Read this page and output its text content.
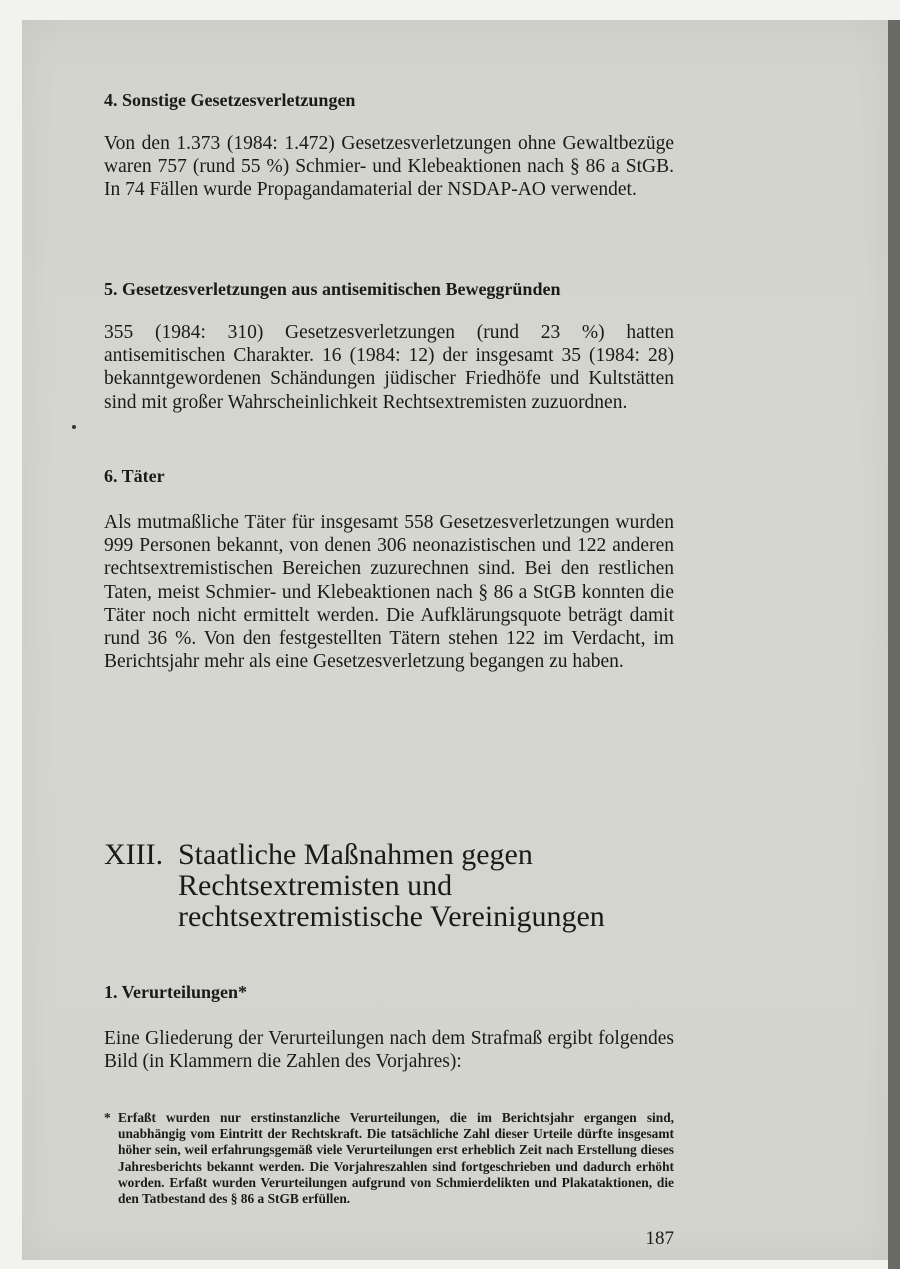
4. Sonstige Gesetzesverletzungen

Von den 1.373 (1984: 1.472) Gesetzesverletzungen ohne Gewaltbezüge waren 757 (rund 55 %) Schmier- und Klebeaktionen nach § 86 a StGB. In 74 Fällen wurde Propagandamaterial der NSDAP-AO verwendet.

5. Gesetzesverletzungen aus antisemitischen Beweggründen

355 (1984: 310) Gesetzesverletzungen (rund 23 %) hatten antisemitischen Charakter. 16 (1984: 12) der insgesamt 35 (1984: 28) bekanntgewordenen Schändungen jüdischer Friedhöfe und Kultstätten sind mit großer Wahrscheinlichkeit Rechtsextremisten zuzuordnen.

6. Täter

Als mutmaßliche Täter für insgesamt 558 Gesetzesverletzungen wurden 999 Personen bekannt, von denen 306 neonazistischen und 122 anderen rechtsextremistischen Bereichen zuzurechnen sind. Bei den restlichen Taten, meist Schmier- und Klebeaktionen nach § 86 a StGB konnten die Täter noch nicht ermittelt werden. Die Aufklärungsquote beträgt damit rund 36 %. Von den festgestellten Tätern stehen 122 im Verdacht, im Berichtsjahr mehr als eine Gesetzesverletzung begangen zu haben.

XIII. Staatliche Maßnahmen gegen
Rechtsextremisten und
rechtsextremistische Vereinigungen
1. Verurteilungen*

Eine Gliederung der Verurteilungen nach dem Strafmaß ergibt folgendes Bild (in Klammern die Zahlen des Vorjahres):

* Erfaßt wurden nur erstinstanzliche Verurteilungen, die im Berichtsjahr ergangen sind, unabhängig vom Eintritt der Rechtskraft. Die tatsächliche Zahl dieser Urteile dürfte insgesamt höher sein, weil erfahrungsgemäß viele Verurteilungen erst erheblich Zeit nach Erstellung dieses Jahresberichts bekannt werden. Die Vorjahreszahlen sind fortgeschrieben und dadurch erhöht worden. Erfaßt wurden Verurteilungen aufgrund von Schmierdelikten und Plakataktionen, die den Tatbestand des § 86 a StGB erfüllen.
187
